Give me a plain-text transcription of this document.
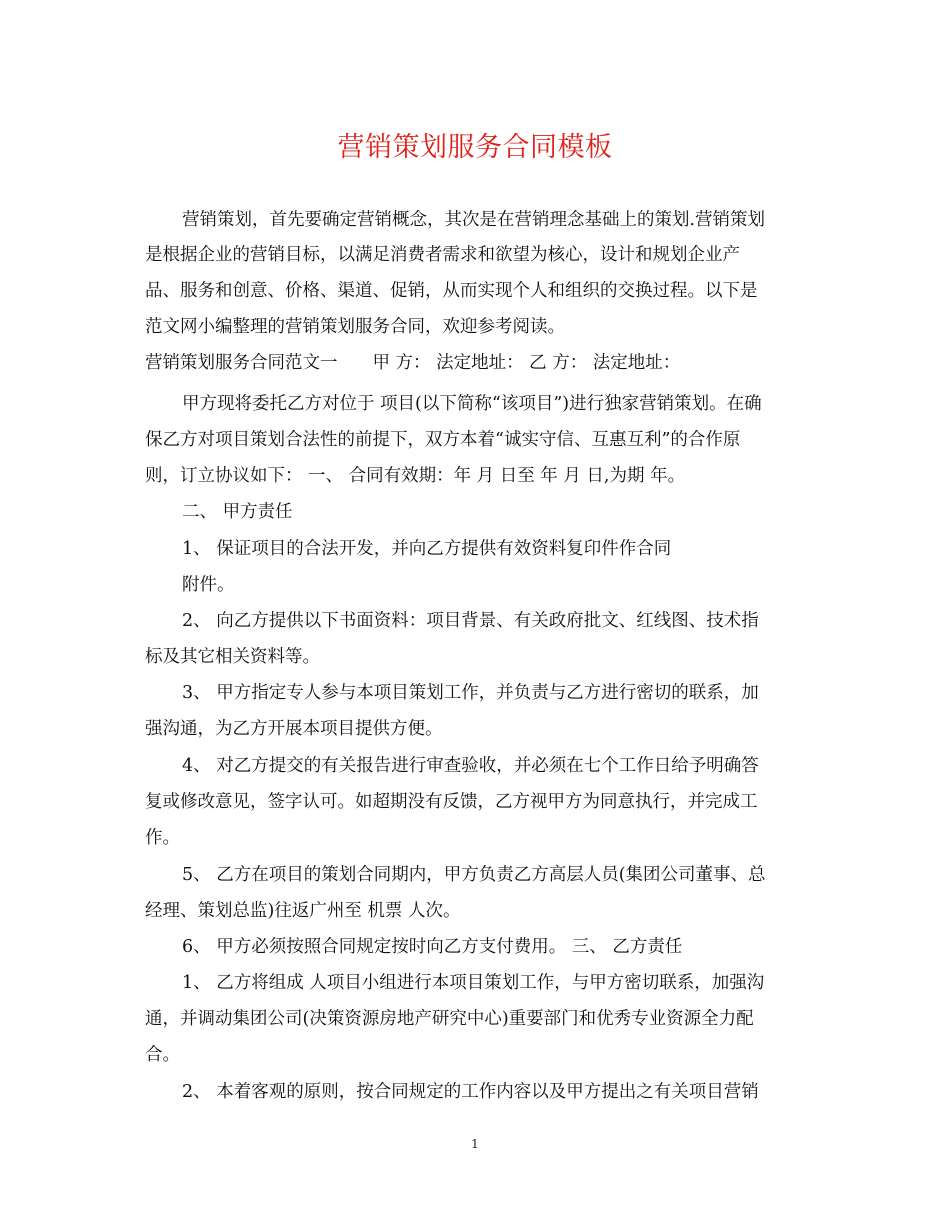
营销策划服务合同模板
营销策划，首先要确定营销概念，其次是在营销理念基础上的策划.营销策划
是根据企业的营销目标，以满足消费者需求和欲望为核心，设计和规划企业产
品、服务和创意、价格、渠道、促销，从而实现个人和组织的交换过程。以下是
范文网小编整理的营销策划服务合同，欢迎参考阅读。
营销策划服务合同范文一　　甲 方： 法定地址： 乙 方： 法定地址：
甲方现将委托乙方对位于 项目(以下简称“该项目”)进行独家营销策划。在确
保乙方对项目策划合法性的前提下，双方本着“诚实守信、互惠互利”的合作原
则，订立协议如下： 一、 合同有效期：年 月 日至 年 月 日,为期 年。
二、 甲方责任
1、 保证项目的合法开发，并向乙方提供有效资料复印件作合同
附件。
2、 向乙方提供以下书面资料：项目背景、有关政府批文、红线图、技术指
标及其它相关资料等。
3、 甲方指定专人参与本项目策划工作，并负责与乙方进行密切的联系，加
强沟通，为乙方开展本项目提供方便。
4、 对乙方提交的有关报告进行审查验收，并必须在七个工作日给予明确答
复或修改意见，签字认可。如超期没有反馈，乙方视甲方为同意执行，并完成工
作。
5、 乙方在项目的策划合同期内，甲方负责乙方高层人员(集团公司董事、总
经理、策划总监)往返广州至 机票 人次。
6、 甲方必须按照合同规定按时向乙方支付费用。 三、 乙方责任
1、 乙方将组成 人项目小组进行本项目策划工作，与甲方密切联系，加强沟
通，并调动集团公司(决策资源房地产研究中心)重要部门和优秀专业资源全力配
合。
2、 本着客观的原则，按合同规定的工作内容以及甲方提出之有关项目营销
1
